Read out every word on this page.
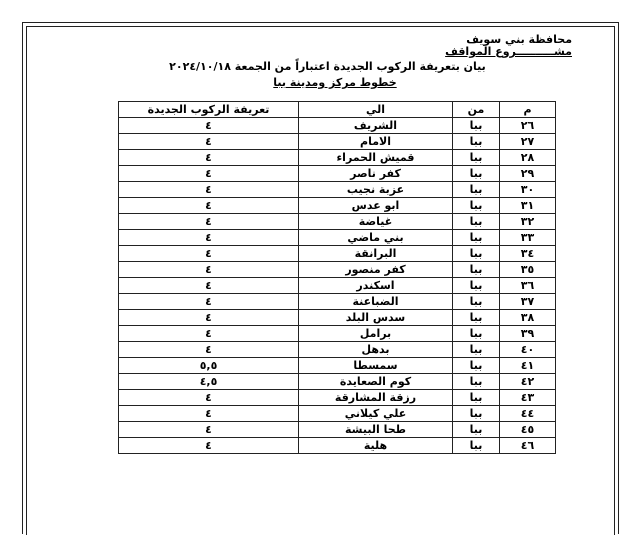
محافظة بني سويف
مشــــــــــروع المواقف
بيان بتعريفة الركوب الجديدة اعتباراً من الجمعة ٢٠٢٤/١٠/١٨
خطوط مركز ومدينة ببا
م	من	الي	تعريفة الركوب الجديدة
٢٦	ببا	الشريف	٤
٢٧	ببا	الامام	٤
٢٨	ببا	قميش الحمراء	٤
٢٩	ببا	كفر ناصر	٤
٣٠	ببا	عزبة نجيب	٤
٣١	ببا	ابو عدس	٤
٣٢	ببا	غياضة	٤
٣٣	ببا	بني ماضي	٤
٣٤	ببا	البرانقة	٤
٣٥	ببا	كفر منصور	٤
٣٦	ببا	اسكندر	٤
٣٧	ببا	الضباعنة	٤
٣٨	ببا	سدس البلد	٤
٣٩	ببا	برامل	٤
٤٠	ببا	بدهل	٤
٤١	ببا	سمسطا	٥,٥
٤٢	ببا	كوم الصعايدة	٤,٥
٤٣	ببا	رزقة المشارقة	٤
٤٤	ببا	علي كيلاني	٤
٤٥	ببا	طحا البيشة	٤
٤٦	ببا	هلية	٤
